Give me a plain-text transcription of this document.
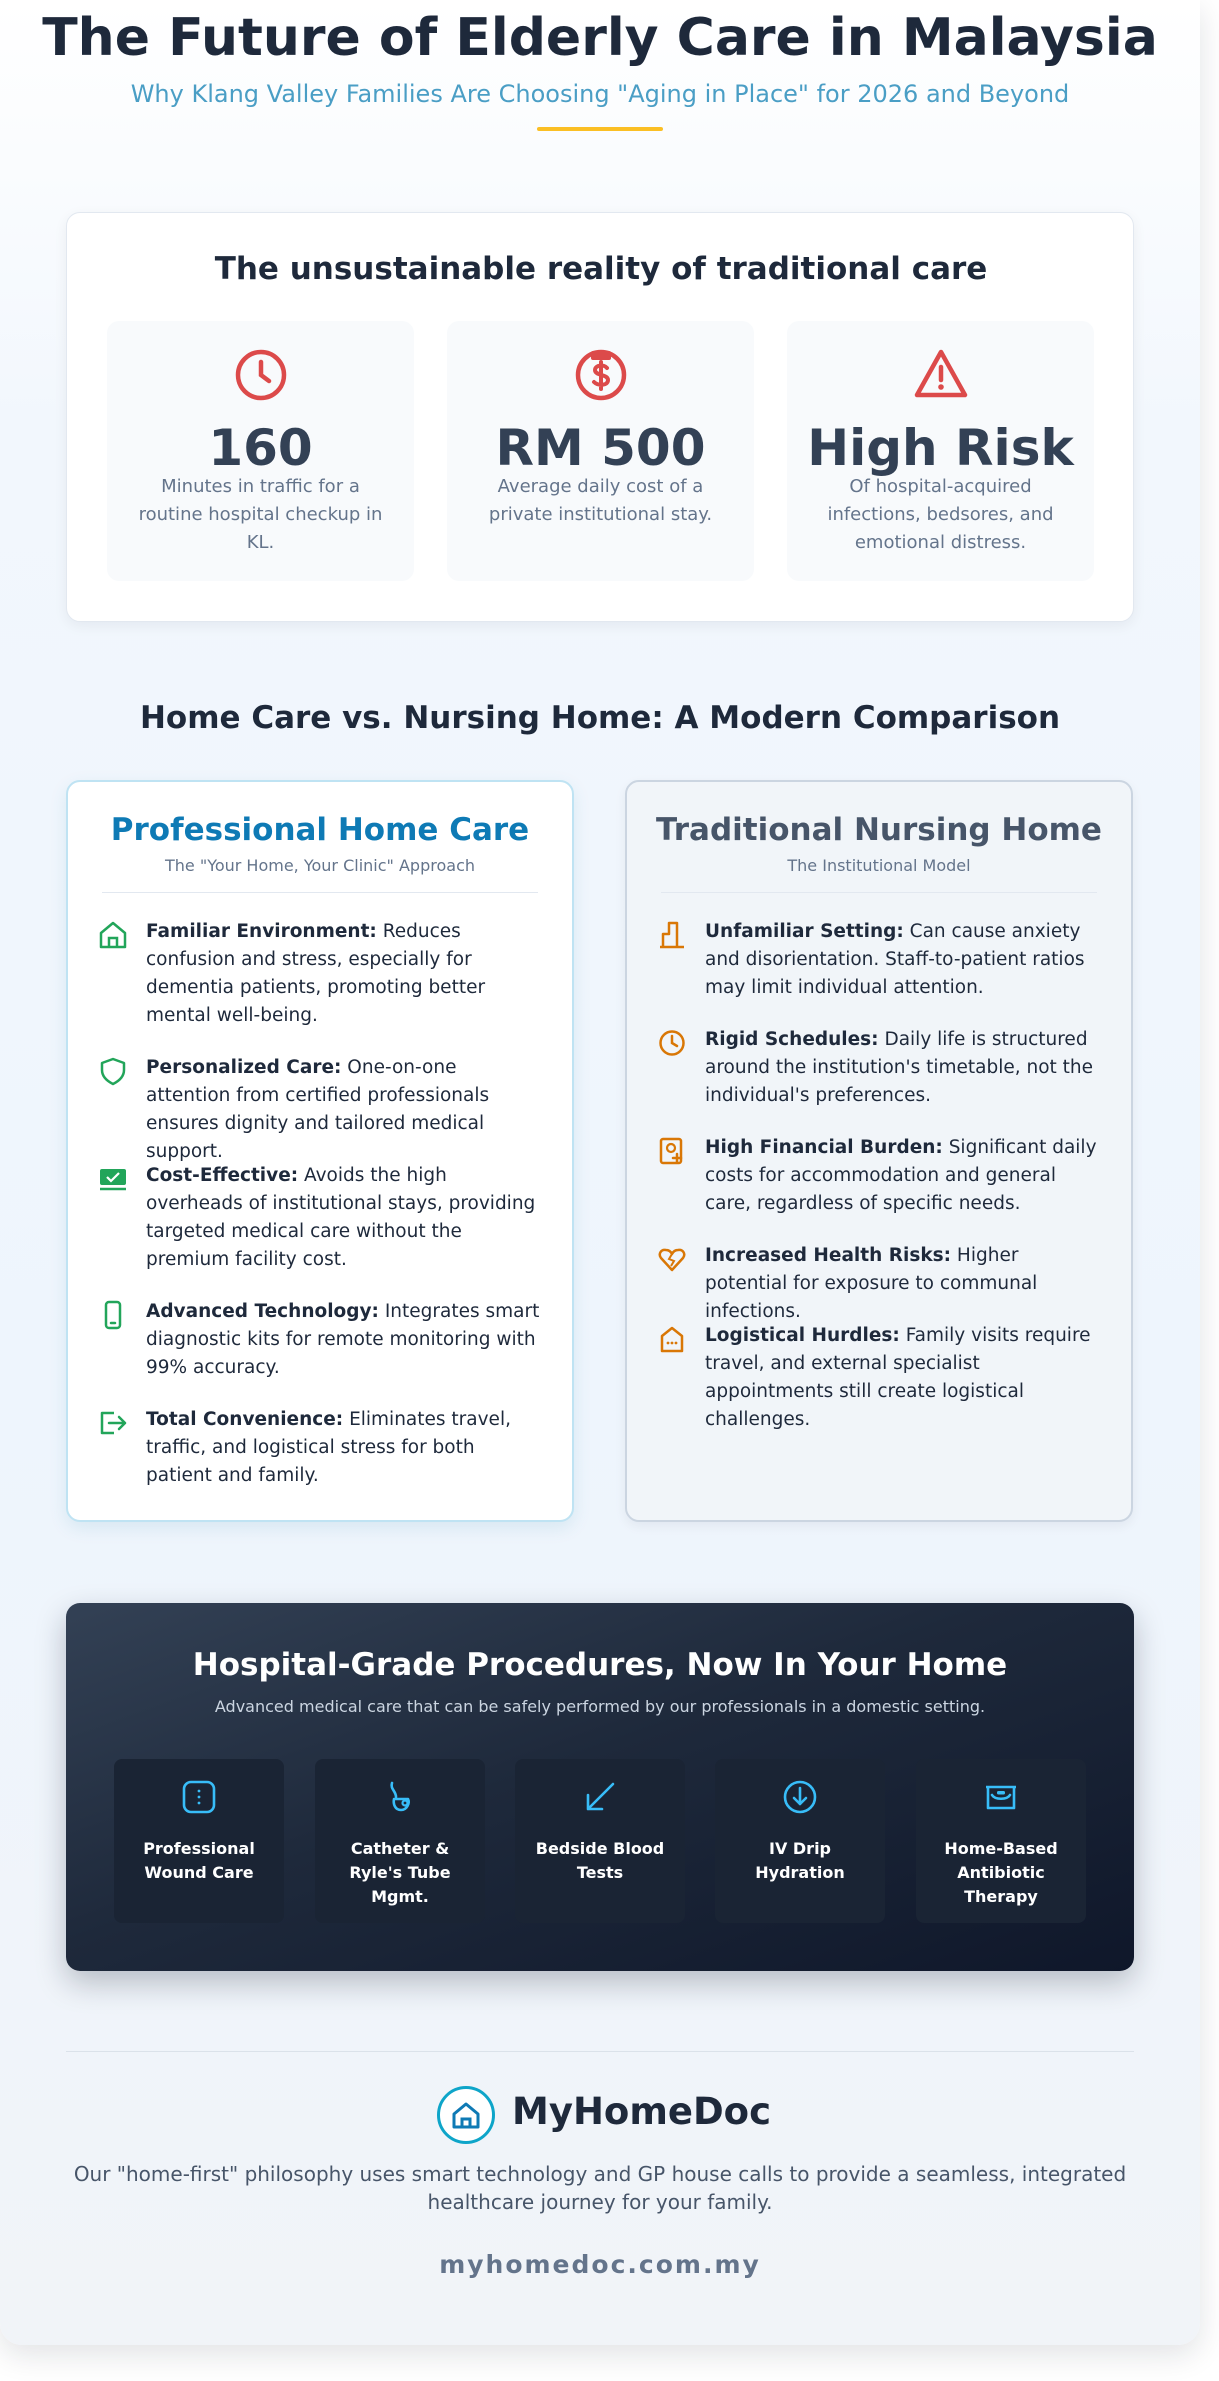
The Future of Elderly Care in Malaysia
Why Klang Valley Families Are Choosing "Aging in Place" for 2026 and Beyond
The unsustainable reality of traditional care
160
Minutes in traffic for a routine hospital checkup in KL.
RM 500
Average daily cost of a private institutional stay.
High Risk
Of hospital-acquired infections, bedsores, and emotional distress.
Home Care vs. Nursing Home: A Modern Comparison
Professional Home Care
The "Your Home, Your Clinic" Approach
Familiar Environment: Reduces confusion and stress, especially for dementia patients, promoting better mental well-being.
Personalized Care: One-on-one attention from certified professionals ensures dignity and tailored medical support.
Cost-Effective: Avoids the high overheads of institutional stays, providing targeted medical care without the premium facility cost.
Advanced Technology: Integrates smart diagnostic kits for remote monitoring with 99% accuracy.
Total Convenience: Eliminates travel, traffic, and logistical stress for both patient and family.
Traditional Nursing Home
The Institutional Model
Unfamiliar Setting: Can cause anxiety and disorientation. Staff-to-patient ratios may limit individual attention.
Rigid Schedules: Daily life is structured around the institution's timetable, not the individual's preferences.
High Financial Burden: Significant daily costs for accommodation and general care, regardless of specific needs.
Increased Health Risks: Higher potential for exposure to communal infections.
Logistical Hurdles: Family visits require travel, and external specialist appointments still create logistical challenges.
Hospital-Grade Procedures, Now In Your Home
Advanced medical care that can be safely performed by our professionals in a domestic setting.
Professional Wound Care
Catheter & Ryle's Tube Mgmt.
Bedside Blood Tests
IV Drip Hydration
Home-Based Antibiotic Therapy
MyHomeDoc

Our "home-first" philosophy uses smart technology and GP house calls to provide a seamless, integrated healthcare journey for your family.

myhomedoc.com.my
